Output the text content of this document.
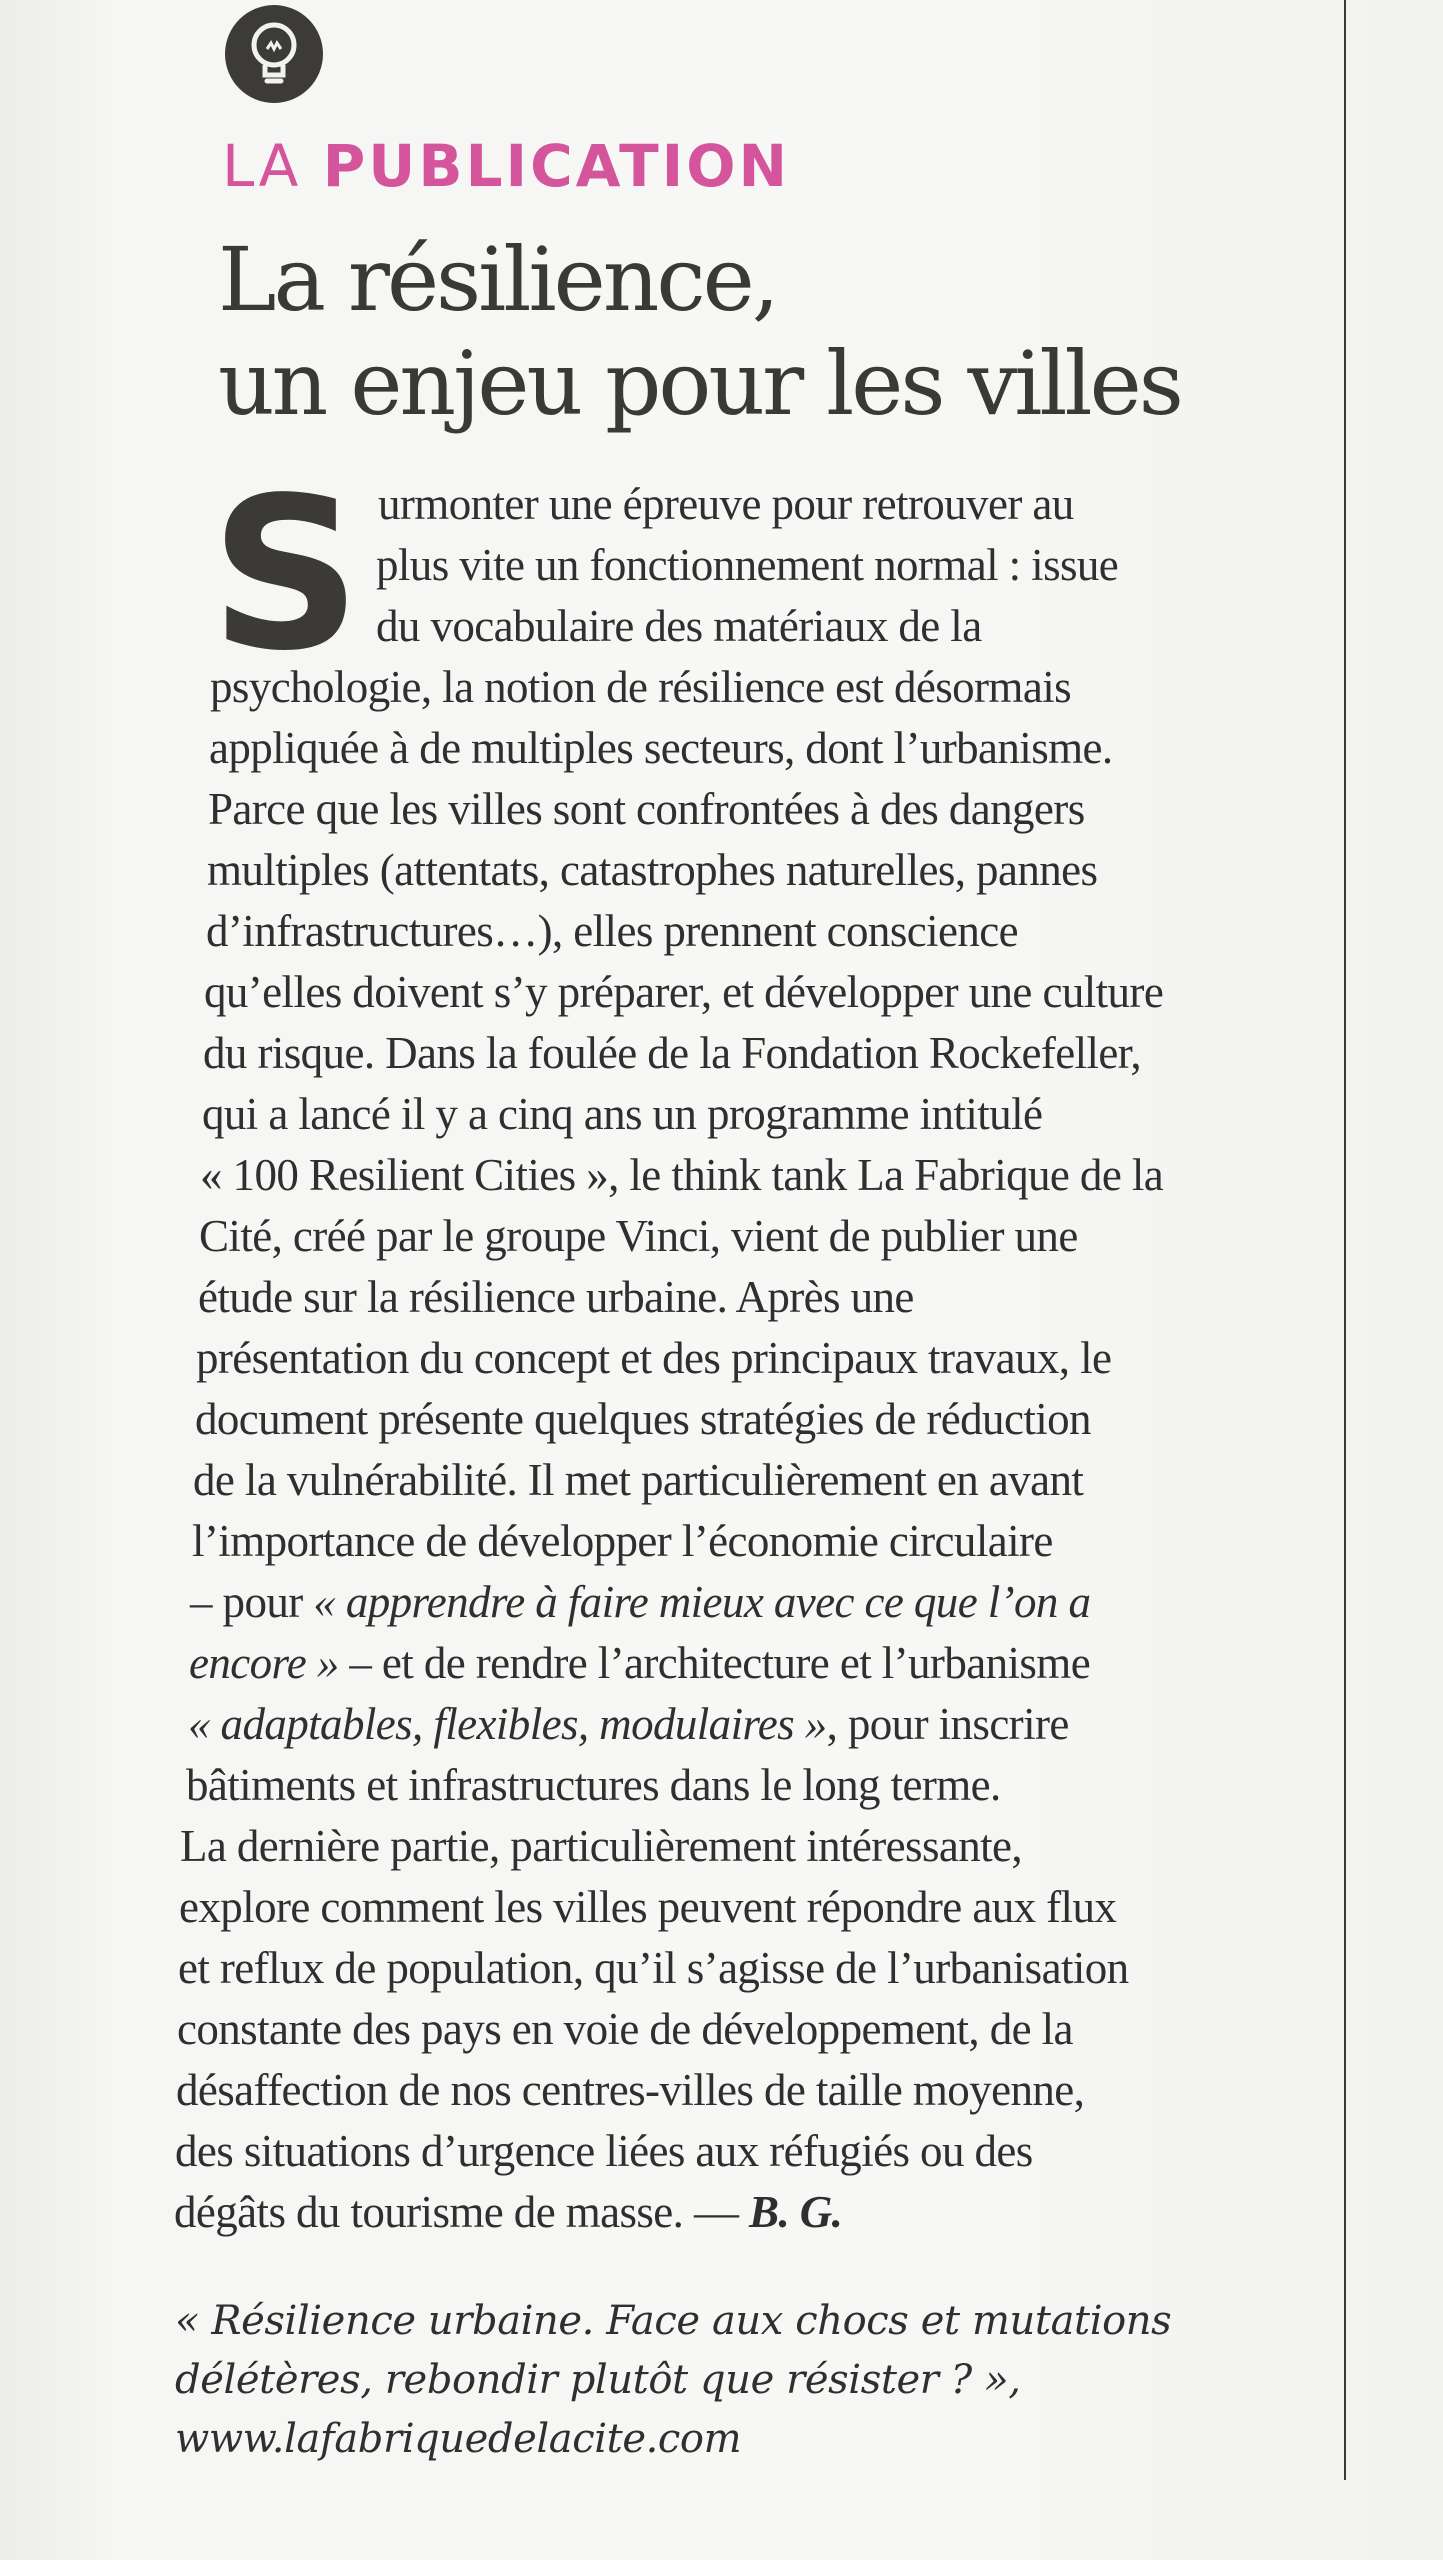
LA PUBLICATION
La résilience,
un enjeu pour les villes
S urmonter une épreuve pour retrouver au
plus vite un fonctionnement normal : issue
du vocabulaire des matériaux de la
psychologie, la notion de résilience est désormais
appliquée à de multiples secteurs, dont l’urbanisme.
Parce que les villes sont confrontées à des dangers
multiples (attentats, catastrophes naturelles, pannes
d’infrastructures…), elles prennent conscience
qu’elles doivent s’y préparer, et développer une culture
du risque. Dans la foulée de la Fondation Rockefeller,
qui a lancé il y a cinq ans un programme intitulé
« 100 Resilient Cities », le think tank La Fabrique de la
Cité, créé par le groupe Vinci, vient de publier une
étude sur la résilience urbaine. Après une
présentation du concept et des principaux travaux, le
document présente quelques stratégies de réduction
de la vulnérabilité. Il met particulièrement en avant
l’importance de développer l’économie circulaire
– pour « apprendre à faire mieux avec ce que l’on a
encore » – et de rendre l’architecture et l’urbanisme
« adaptables, flexibles, modulaires », pour inscrire
bâtiments et infrastructures dans le long terme.
La dernière partie, particulièrement intéressante,
explore comment les villes peuvent répondre aux flux
et reflux de population, qu’il s’agisse de l’urbanisation
constante des pays en voie de développement, de la
désaffection de nos centres-villes de taille moyenne,
des situations d’urgence liées aux réfugiés ou des
dégâts du tourisme de masse. — B. G.
« Résilience urbaine. Face aux chocs et mutations
délétères, rebondir plutôt que résister ? »,
www.lafabriquedelacite.com
